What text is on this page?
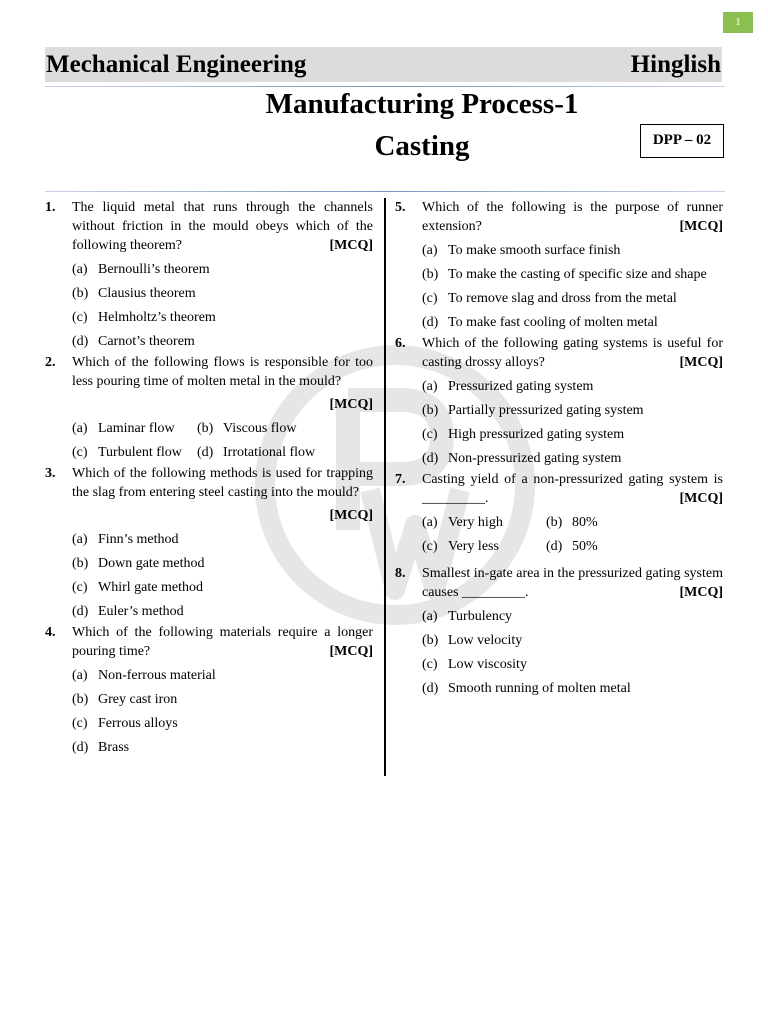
1
Mechanical Engineering	Hinglish
Manufacturing Process-1
Casting	DPP – 02
1. The liquid metal that runs through the channels without friction in the mould obeys which of the following theorem?	[MCQ]
(a) Bernoulli’s theorem
(b) Clausius theorem
(c) Helmholtz’s theorem
(d) Carnot’s theorem
2. Which of the following flows is responsible for too less pouring time of molten metal in the mould?
[MCQ]
(a) Laminar flow (b) Viscous flow
(c) Turbulent flow (d) Irrotational flow
3. Which of the following methods is used for trapping the slag from entering steel casting into the mould?
[MCQ]
(a) Finn’s method
(b) Down gate method
(c) Whirl gate method
(d) Euler’s method
4. Which of the following materials require a longer pouring time?	[MCQ]
(a) Non-ferrous material
(b) Grey cast iron
(c) Ferrous alloys
(d) Brass
5. Which of the following is the purpose of runner extension?	[MCQ]
(a) To make smooth surface finish
(b) To make the casting of specific size and shape
(c) To remove slag and dross from the metal
(d) To make fast cooling of molten metal
6. Which of the following gating systems is useful for casting drossy alloys?	[MCQ]
(a) Pressurized gating system
(b) Partially pressurized gating system
(c) High pressurized gating system
(d) Non-pressurized gating system
7. Casting yield of a non-pressurized gating system is _________.	[MCQ]
(a) Very high	(b) 80%
(c) Very less	(d) 50%
8. Smallest in-gate area in the pressurized gating system causes _________.	[MCQ]
(a) Turbulency
(b) Low velocity
(c) Low viscosity
(d) Smooth running of molten metal
